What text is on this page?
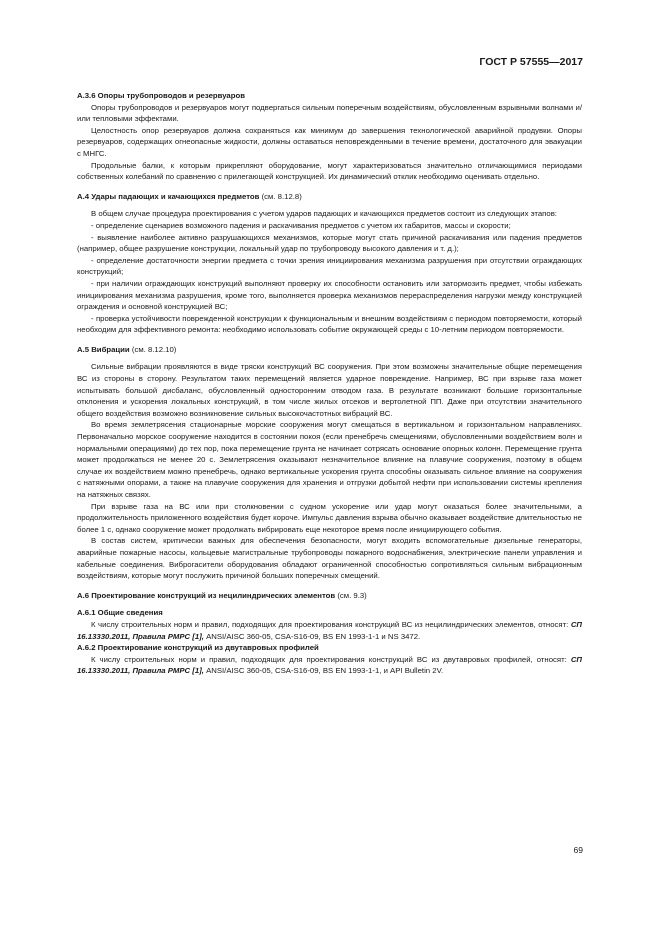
ГОСТ Р 57555—2017
А.3.6 Опоры трубопроводов и резервуаров

Опоры трубопроводов и резервуаров могут подвергаться сильным поперечным воздействиям, обусловленным взрывными волнами и/или тепловыми эффектами.

Целостность опор резервуаров должна сохраняться как минимум до завершения технологической аварийной продувки. Опоры резервуаров, содержащих огнеопасные жидкости, должны оставаться неповрежденными в течение времени, достаточного для эвакуации с МНГС.

Продольные балки, к которым прикрепляют оборудование, могут характеризоваться значительно отличающимися периодами собственных колебаний по сравнению с прилегающей конструкцией. Их динамический отклик необходимо оценивать отдельно.

А.4 Удары падающих и качающихся предметов (см. 8.12.8)

В общем случае процедура проектирования с учетом ударов падающих и качающихся предметов состоит из следующих этапов:

- определение сценариев возможного падения и раскачивания предметов с учетом их габаритов, массы и скорости;

- выявление наиболее активно разрушающихся механизмов, которые могут стать причиной раскачивания или падения предметов (например, общее разрушение конструкции, локальный удар по трубопроводу высокого давления и т. д.);

- определение достаточности энергии предмета с точки зрения инициирования механизма разрушения при отсутствии ограждающих конструкций;

- при наличии ограждающих конструкций выполняют проверку их способности остановить или затормозить предмет, чтобы избежать инициирования механизма разрушения, кроме того, выполняется проверка механизмов перераспределения нагрузки между конструкцией ограждения и основной конструкцией ВС;

- проверка устойчивости поврежденной конструкции к функциональным и внешним воздействиям с периодом повторяемости, который необходим для эффективного ремонта: необходимо использовать событие окружающей среды с 10-летним периодом повторяемости.

А.5 Вибрации (см. 8.12.10)

Сильные вибрации проявляются в виде тряски конструкций ВС сооружения. При этом возможны значительные общие перемещения ВС из стороны в сторону. Результатом таких перемещений является ударное повреждение. Например, ВС при взрыве газа может испытывать большой дисбаланс, обусловленный односторонним отводом газа. В результате возникают большие горизонтальные отклонения и ускорения локальных конструкций, в том числе жилых отсеков и вертолетной ПП. Даже при отсутствии значительного общего воздействия возможно возникновение сильных высокочастотных вибраций ВС.

Во время землетрясения стационарные морские сооружения могут смещаться в вертикальном и горизонтальном направлениях. Первоначально морское сооружение находится в состоянии покоя (если пренебречь смещениями, обусловленными воздействием волн и нормальными операциями) до тех пор, пока перемещение грунта не начинает сотрясать основание опорных колонн. Перемещение грунта может продолжаться не менее 20 с. Землетрясения оказывают незначительное влияние на плавучие сооружения, поэтому в общем случае их воздействием можно пренебречь, однако вертикальные ускорения грунта способны оказывать сильное влияние на сооружения с натяжными опорами, а также на плавучие сооружения для хранения и отгрузки добытой нефти при использовании системы крепления на натяжных связях.

При взрыве газа на ВС или при столкновении с судном ускорение или удар могут оказаться более значительными, а продолжительность приложенного воздействия будет короче. Импульс давления взрыва обычно оказывает воздействие длительностью не более 1 с, однако сооружение может продолжать вибрировать еще некоторое время после инициирующего события.

В состав систем, критически важных для обеспечения безопасности, могут входить вспомогательные дизельные генераторы, аварийные пожарные насосы, кольцевые магистральные трубопроводы пожарного водоснабжения, электрические панели управления и кабельные соединения. Виброгасители оборудования обладают ограниченной способностью сопротивляться сильным вибрационным воздействиям, которые могут послужить причиной больших поперечных смещений.

А.6 Проектирование конструкций из нецилиндрических элементов (см. 9.3)
А.6.1 Общие сведения

К числу строительных норм и правил, подходящих для проектирования конструкций ВС из нецилиндрических элементов, относят: СП 16.13330.2011, Правила РМРС [1], ANSI/AISC 360-05, CSA-S16-09, BS EN 1993-1-1 и NS 3472.

А.6.2 Проектирование конструкций из двутавровых профилей

К числу строительных норм и правил, подходящих для проектирования конструкций ВС из двутавровых профилей, относят: СП 16.13330.2011, Правила РМРС [1], ANSI/AISC 360-05, CSA-S16-09, BS EN 1993-1-1, и API Bulletin 2V.

69
